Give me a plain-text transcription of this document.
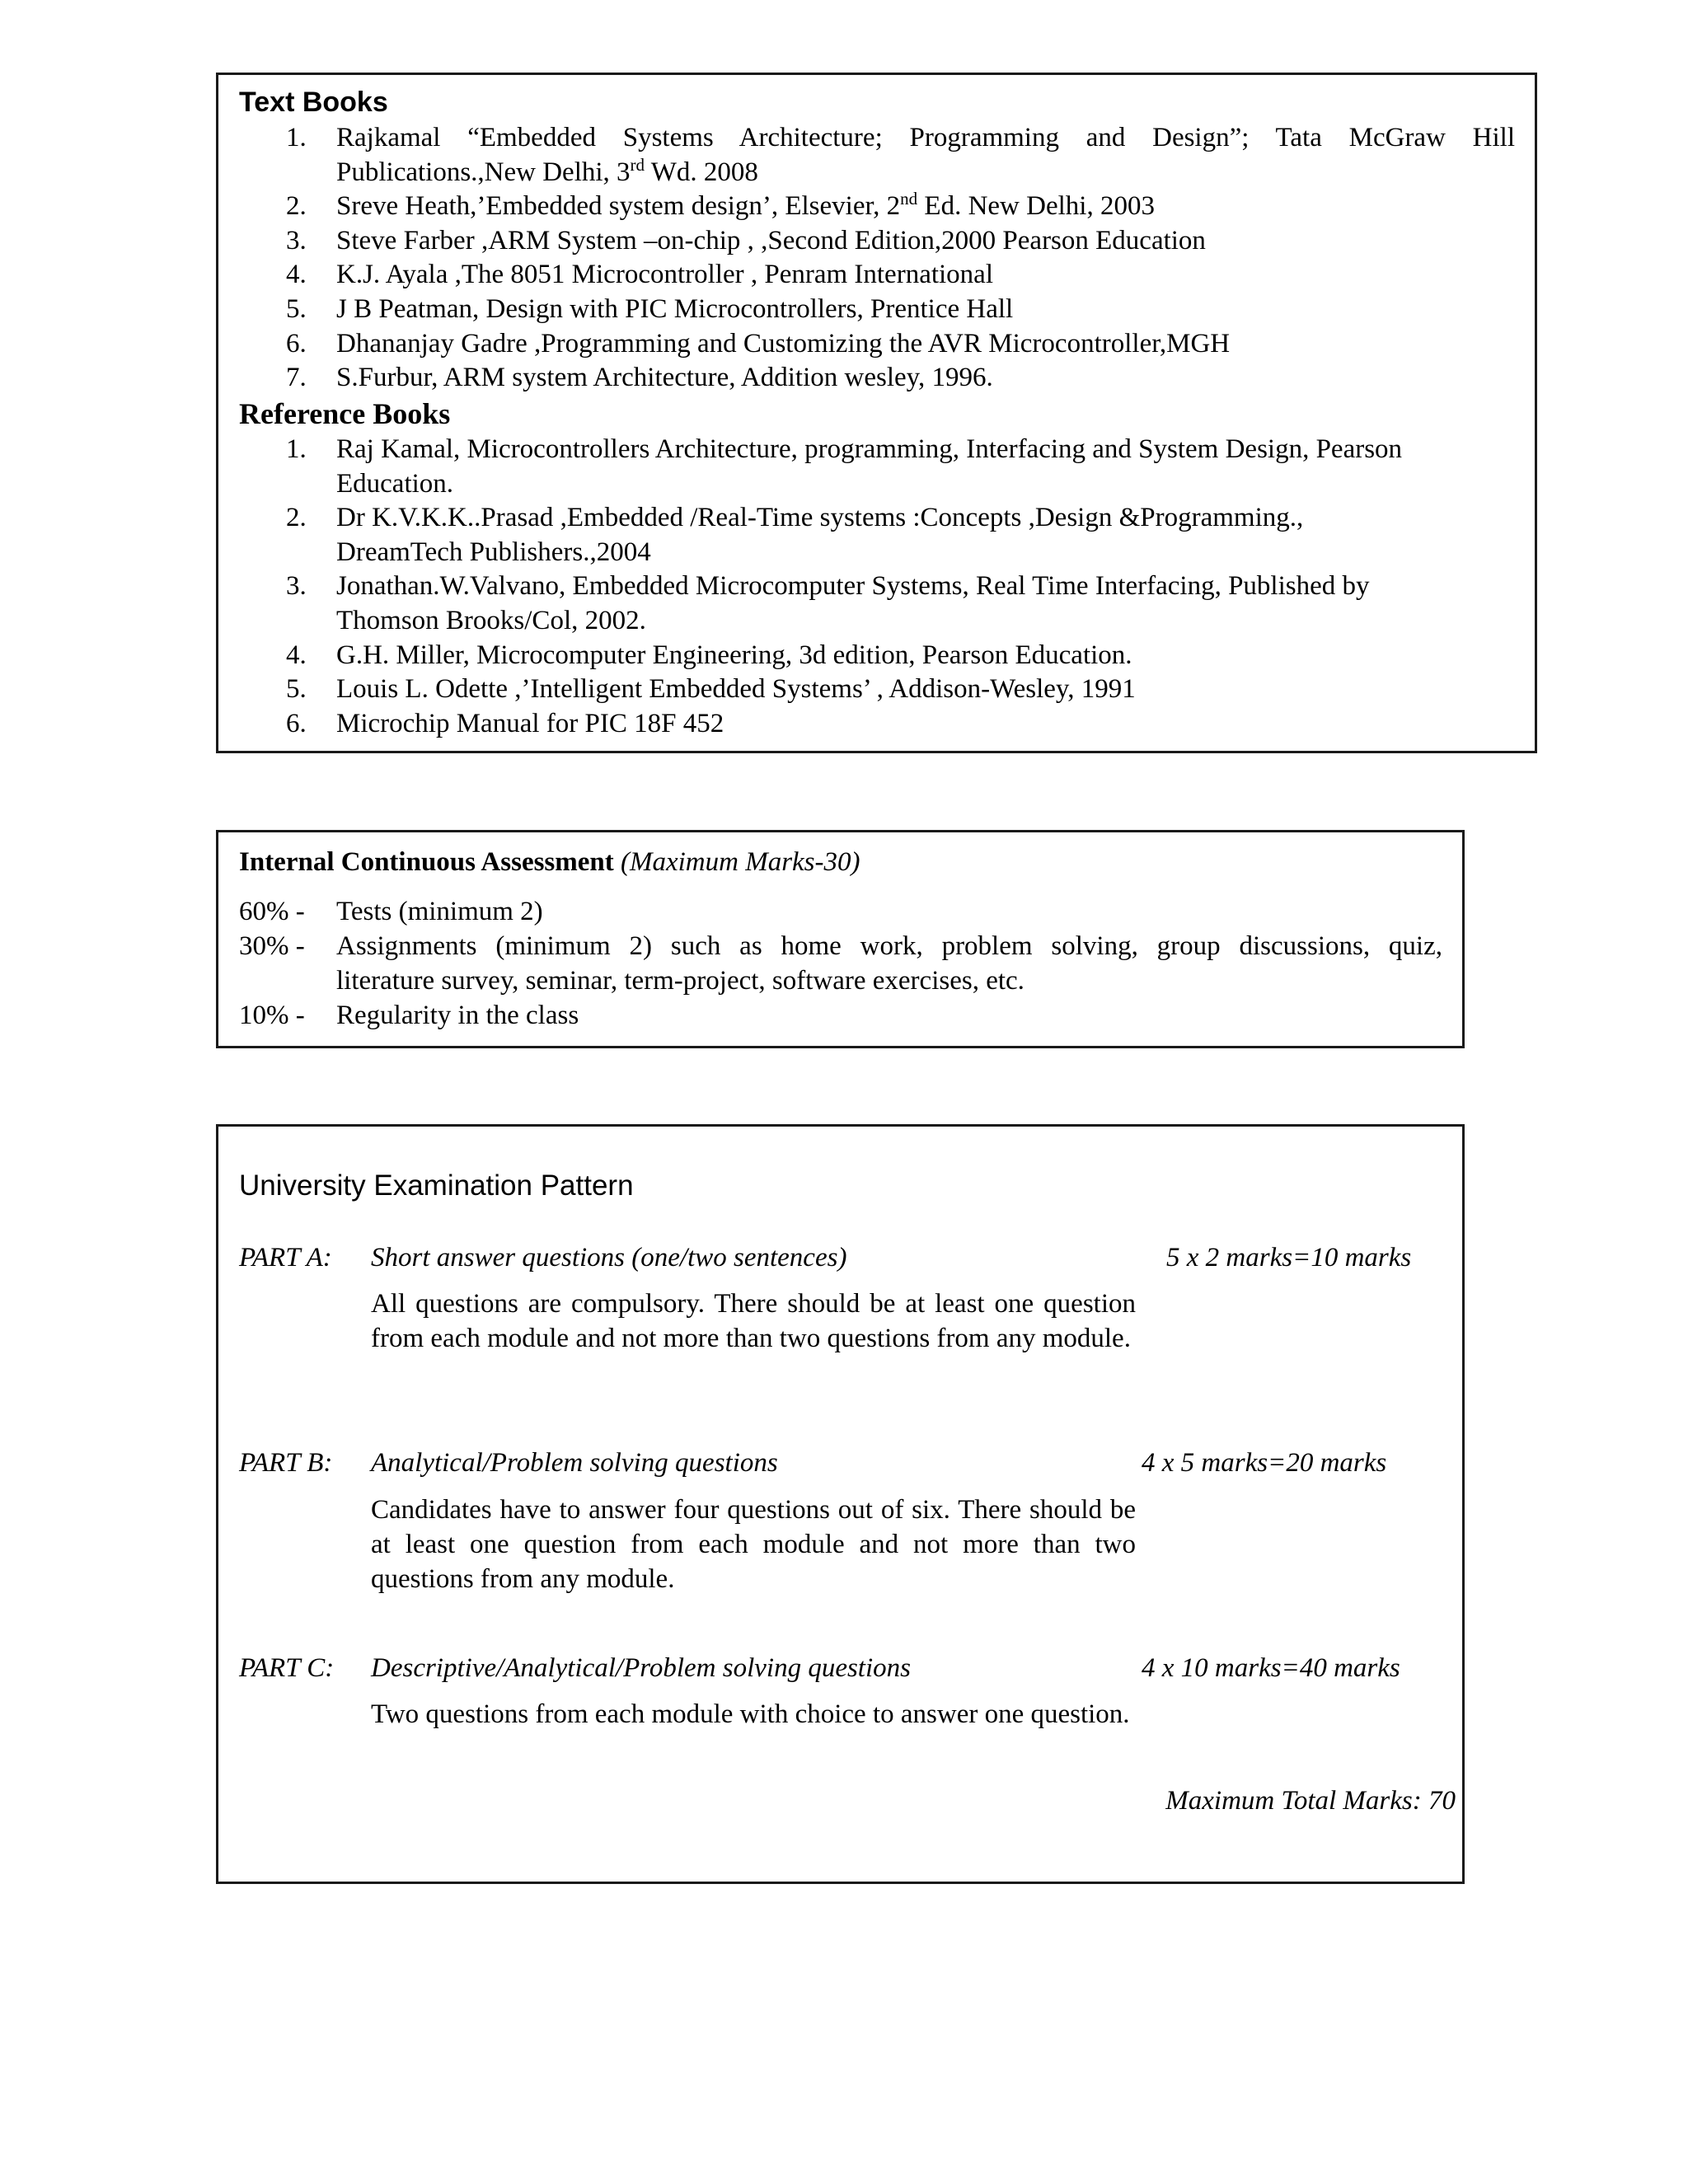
Text Books
1. Rajkamal “Embedded Systems Architecture; Programming and Design”; Tata McGraw Hill
Publications.,New Delhi, 3rd Wd. 2008
2. Sreve Heath,’Embedded system design’, Elsevier, 2nd Ed. New Delhi, 2003
3. Steve Farber ,ARM System –on-chip , ,Second Edition,2000 Pearson Education
4. K.J. Ayala ,The 8051 Microcontroller , Penram International
5. J B Peatman, Design with PIC Microcontrollers, Prentice Hall
6. Dhananjay Gadre ,Programming and Customizing the AVR Microcontroller,MGH
7. S.Furbur, ARM system Architecture, Addition wesley, 1996.
Reference Books
1. Raj Kamal, Microcontrollers Architecture, programming, Interfacing and System Design, Pearson
Education.
2. Dr K.V.K.K..Prasad ,Embedded /Real-Time systems :Concepts ,Design &Programming.,
DreamTech Publishers.,2004
3. Jonathan.W.Valvano, Embedded Microcomputer Systems, Real Time Interfacing, Published by
Thomson Brooks/Col, 2002.
4. G.H. Miller, Microcomputer Engineering, 3d edition, Pearson Education.
5. Louis L. Odette ,’Intelligent Embedded Systems’ , Addison-Wesley, 1991
6. Microchip Manual for PIC 18F 452
Internal Continuous Assessment (Maximum Marks-30)
60% - Tests (minimum 2)
30% - Assignments (minimum 2) such as home work, problem solving, group discussions, quiz,
literature survey, seminar, term-project, software exercises, etc.
10% - Regularity in the class
University Examination Pattern
PART A: Short answer questions (one/two sentences)	5 x 2 marks=10 marks
All questions are compulsory. There should be at least one question from each module and not more than two questions from any module.
PART B: Analytical/Problem solving questions	4 x 5 marks=20 marks
Candidates have to answer four questions out of six. There should be at least one question from each module and not more than two questions from any module.
PART C: Descriptive/Analytical/Problem solving questions	4 x 10 marks=40 marks
Two questions from each module with choice to answer one question.
Maximum Total Marks: 70
